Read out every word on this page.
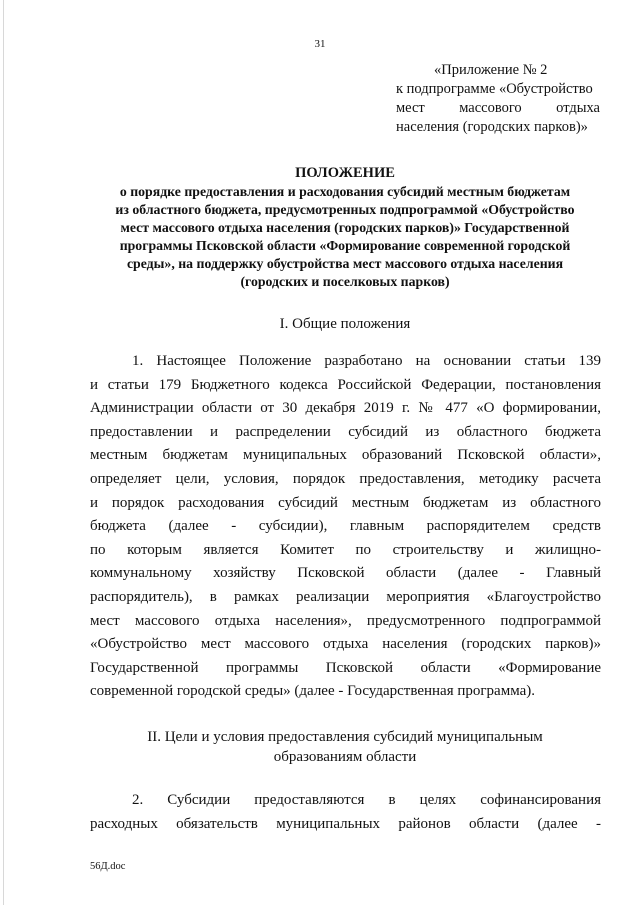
31
«Приложение № 2
к подпрограмме «Обустройство
мест массового отдыха
населения (городских парков)»
ПОЛОЖЕНИЕ
о порядке предоставления и расходования субсидий местным бюджетам
из областного бюджета, предусмотренных подпрограммой «Обустройство
мест массового отдыха населения (городских парков)» Государственной
программы Псковской области «Формирование современной городской
среды», на поддержку обустройства мест массового отдыха населения
(городских и поселковых парков)
I. Общие положения
1. Настоящее Положение разработано на основании статьи 139
и статьи 179 Бюджетного кодекса Российской Федерации, постановления
Администрации области от 30 декабря 2019 г. № 477 «О формировании,
предоставлении и распределении субсидий из областного бюджета
местным бюджетам муниципальных образований Псковской области»,
определяет цели, условия, порядок предоставления, методику расчета
и порядок расходования субсидий местным бюджетам из областного
бюджета (далее - субсидии), главным распорядителем средств
по которым является Комитет по строительству и жилищно-
коммунальному хозяйству Псковской области (далее - Главный
распорядитель), в рамках реализации мероприятия «Благоустройство
мест массового отдыха населения», предусмотренного подпрограммой
«Обустройство мест массового отдыха населения (городских парков)»
Государственной программы Псковской области «Формирование
современной городской среды» (далее - Государственная программа).
II. Цели и условия предоставления субсидий муниципальным
образованиям области
2. Субсидии предоставляются в целях софинансирования
расходных обязательств муниципальных районов области (далее -
56Д.doc
